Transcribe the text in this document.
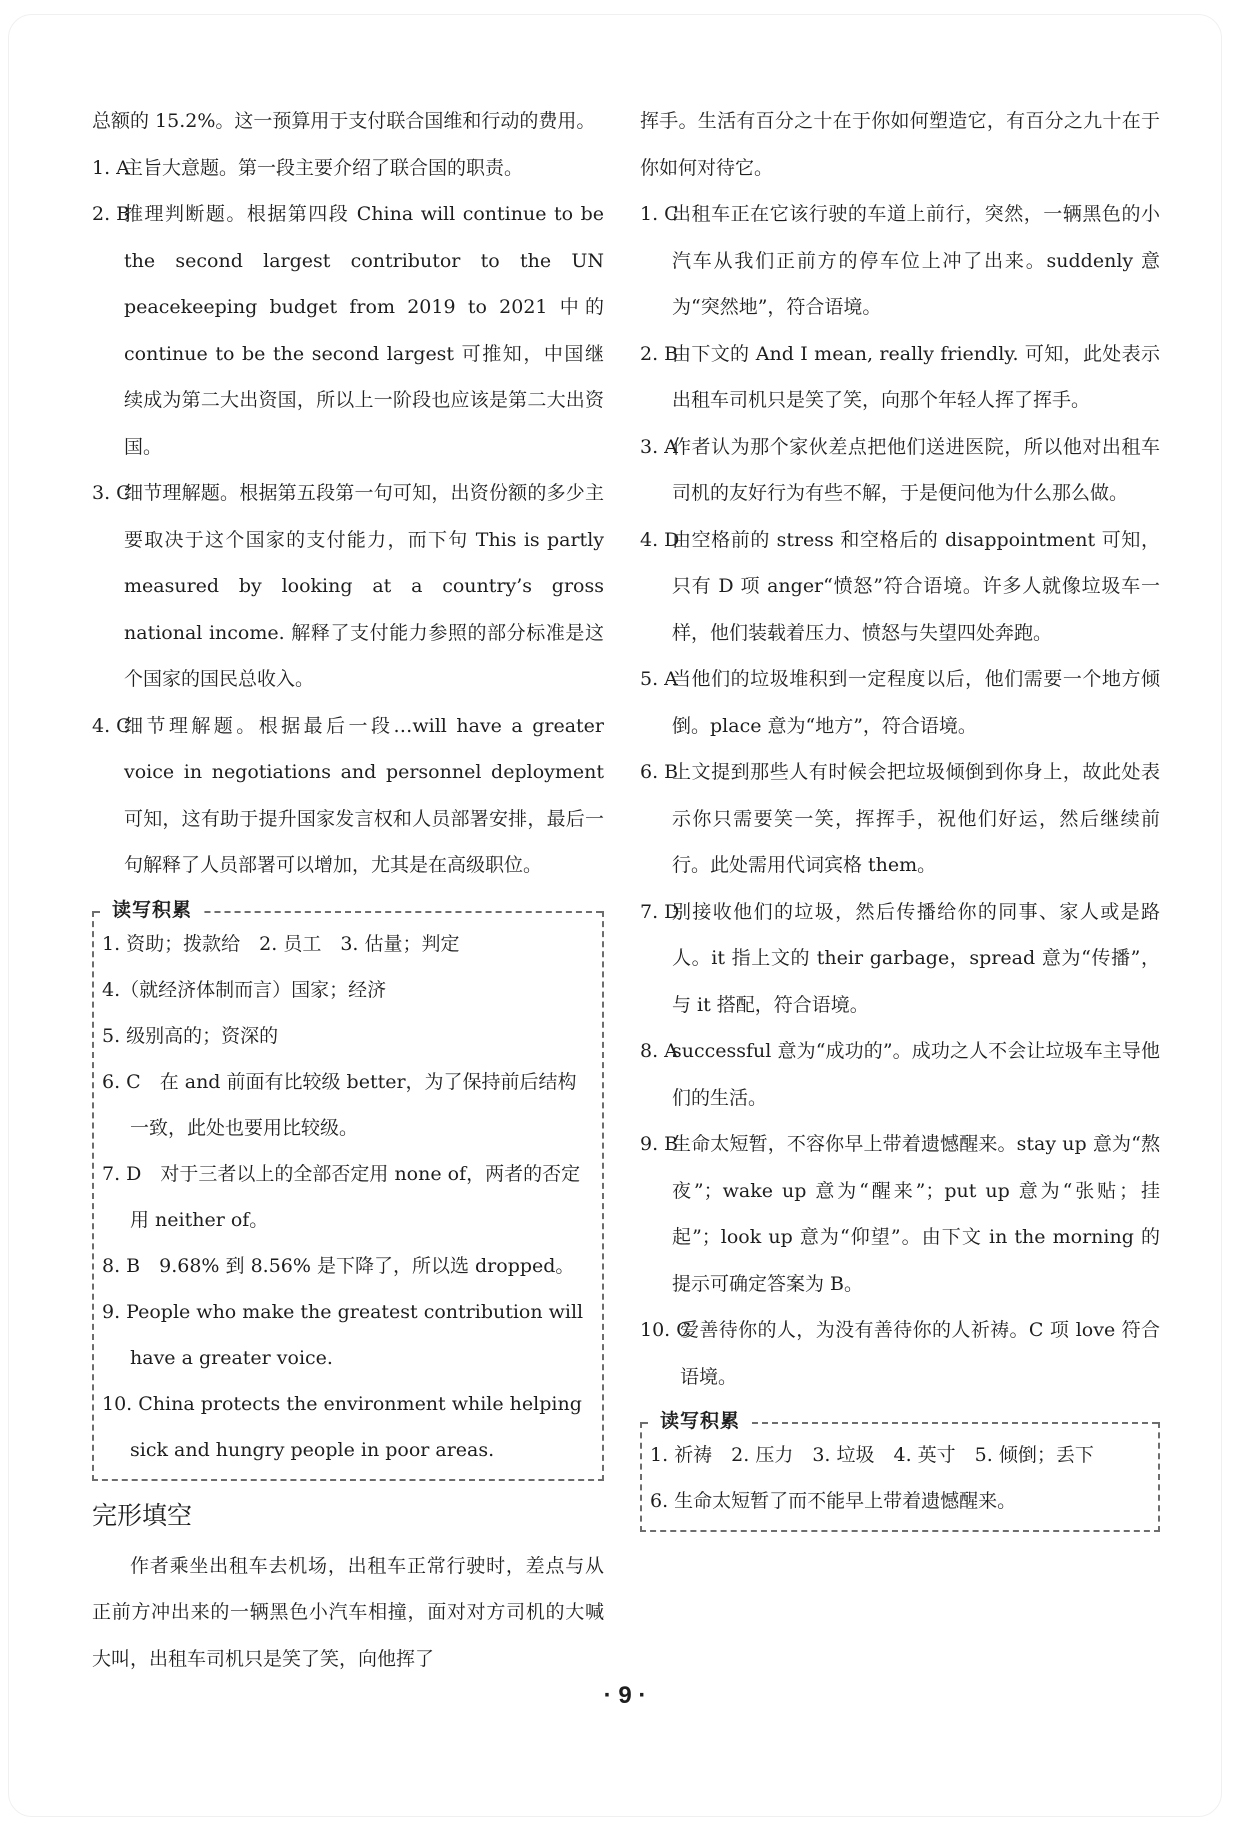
总额的 15.2%。这一预算用于支付联合国维和行动的费用。

1. A
主旨大意题。第一段主要介绍了联合国的职责。

2. B
推理判断题。根据第四段 China will continue to be the second largest contributor to the UN peacekeeping budget from 2019 to 2021 中的 continue to be the second largest 可推知，中国继续成为第二大出资国，所以上一阶段也应该是第二大出资国。

3. C
细节理解题。根据第五段第一句可知，出资份额的多少主要取决于这个国家的支付能力，而下句 This is partly measured by looking at a country’s gross national income. 解释了支付能力参照的部分标准是这个国家的国民总收入。

4. C
细节理解题。根据最后一段…will have a greater voice in negotiations and personnel deployment 可知，这有助于提升国家发言权和人员部署安排，最后一句解释了人员部署可以增加，尤其是在高级职位。

读写积累

1. 资助；拨款给　2. 员工　3. 估量；判定

4.（就经济体制而言）国家；经济

5. 级别高的；资深的

6. C　在 and 前面有比较级 better，为了保持前后结构一致，此处也要用比较级。

7. D　对于三者以上的全部否定用 none of，两者的否定用 neither of。

8. B　9.68% 到 8.56% 是下降了，所以选 dropped。

9. People who make the greatest contribution will have a greater voice.

10. China protects the environment while helping sick and hungry people in poor areas.

完形填空

作者乘坐出租车去机场，出租车正常行驶时，差点与从正前方冲出来的一辆黑色小汽车相撞，面对对方司机的大喊大叫，出租车司机只是笑了笑，向他挥了

挥手。生活有百分之十在于你如何塑造它，有百分之九十在于你如何对待它。

1. C
出租车正在它该行驶的车道上前行，突然，一辆黑色的小汽车从我们正前方的停车位上冲了出来。suddenly 意为“突然地”，符合语境。

2. B
由下文的 And I mean, really friendly. 可知，此处表示出租车司机只是笑了笑，向那个年轻人挥了挥手。

3. A
作者认为那个家伙差点把他们送进医院，所以他对出租车司机的友好行为有些不解，于是便问他为什么那么做。

4. D
由空格前的 stress 和空格后的 disappointment 可知，只有 D 项 anger“愤怒”符合语境。许多人就像垃圾车一样，他们装载着压力、愤怒与失望四处奔跑。

5. A
当他们的垃圾堆积到一定程度以后，他们需要一个地方倾倒。place 意为“地方”，符合语境。

6. B
上文提到那些人有时候会把垃圾倾倒到你身上，故此处表示你只需要笑一笑，挥挥手，祝他们好运，然后继续前行。此处需用代词宾格 them。

7. D
别接收他们的垃圾，然后传播给你的同事、家人或是路人。it 指上文的 their garbage，spread 意为“传播”，与 it 搭配，符合语境。

8. A
successful 意为“成功的”。成功之人不会让垃圾车主导他们的生活。

9. B
生命太短暂，不容你早上带着遗憾醒来。stay up 意为“熬夜”；wake up 意为“醒来”；put up 意为“张贴；挂起”；look up 意为“仰望”。由下文 in the morning 的提示可确定答案为 B。

10. C
爱善待你的人，为没有善待你的人祈祷。C 项 love 符合语境。

读写积累

1. 祈祷　2. 压力　3. 垃圾　4. 英寸　5. 倾倒；丢下

6. 生命太短暂了而不能早上带着遗憾醒来。

· 9 ·
